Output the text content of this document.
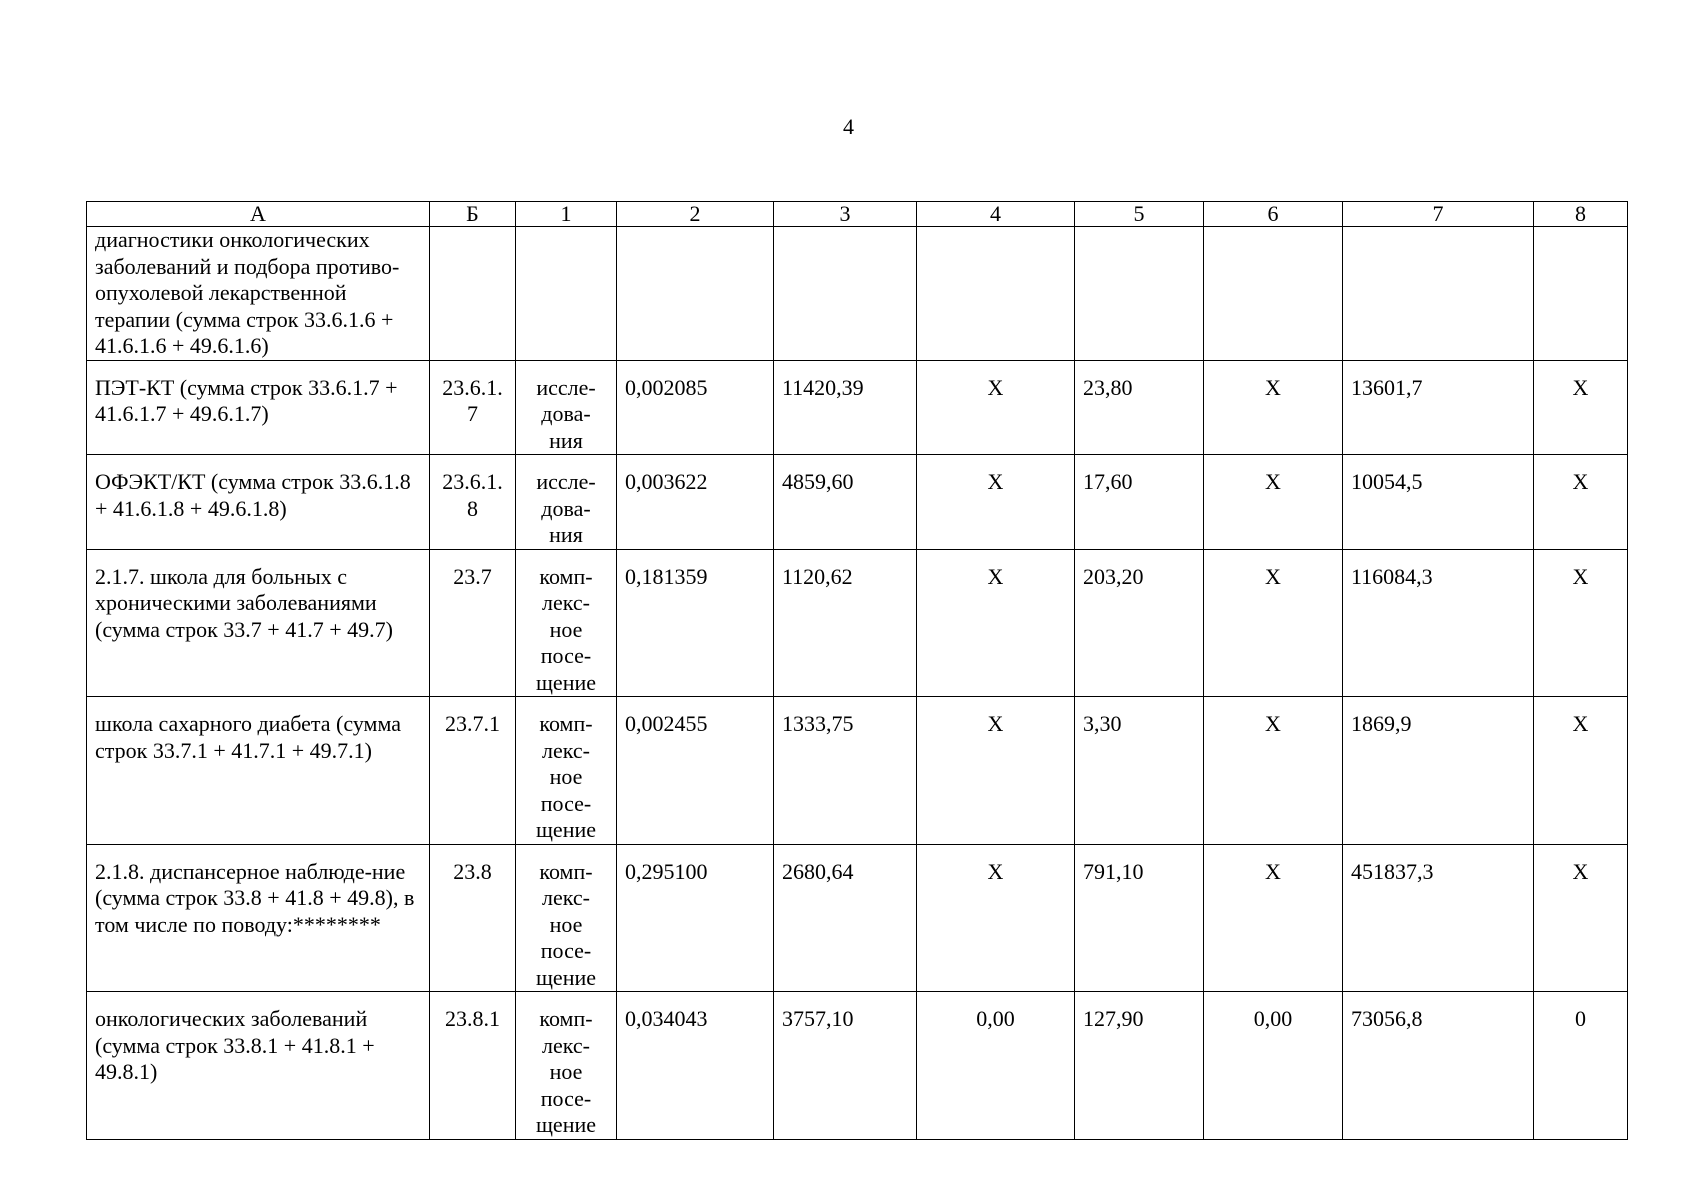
4
А	Б	1	2	3	4	5	6	7	8
диагностики онкологических заболеваний и подбора противо-опухолевой лекарственной терапии (сумма строк 33.6.1.6 + 41.6.1.6 + 49.6.1.6)									
ПЭТ-КТ (сумма строк 33.6.1.7 + 41.6.1.7 + 49.6.1.7)	23.6.1.7	иссле-
дова-
ния	0,002085	11420,39	X	23,80	X	13601,7	X
ОФЭКТ/КТ (сумма строк 33.6.1.8 + 41.6.1.8 + 49.6.1.8)	23.6.1.8	иссле-
дова-
ния	0,003622	4859,60	X	17,60	X	10054,5	X
2.1.7. школа для больных с хроническими заболеваниями (сумма строк 33.7 + 41.7 + 49.7)	23.7	комп-
лекс-
ное
посе-
щение	0,181359	1120,62	X	203,20	X	116084,3	X
школа сахарного диабета (сумма строк 33.7.1 + 41.7.1 + 49.7.1)	23.7.1	комп-
лекс-
ное
посе-
щение	0,002455	1333,75	X	3,30	X	1869,9	X
2.1.8. диспансерное наблюде-ние (сумма строк 33.8 + 41.8 + 49.8), в том числе по поводу:********	23.8	комп-
лекс-
ное
посе-
щение	0,295100	2680,64	X	791,10	X	451837,3	X
онкологических заболеваний (сумма строк 33.8.1 + 41.8.1 + 49.8.1)	23.8.1	комп-
лекс-
ное
посе-
щение	0,034043	3757,10	0,00	127,90	0,00	73056,8	0
